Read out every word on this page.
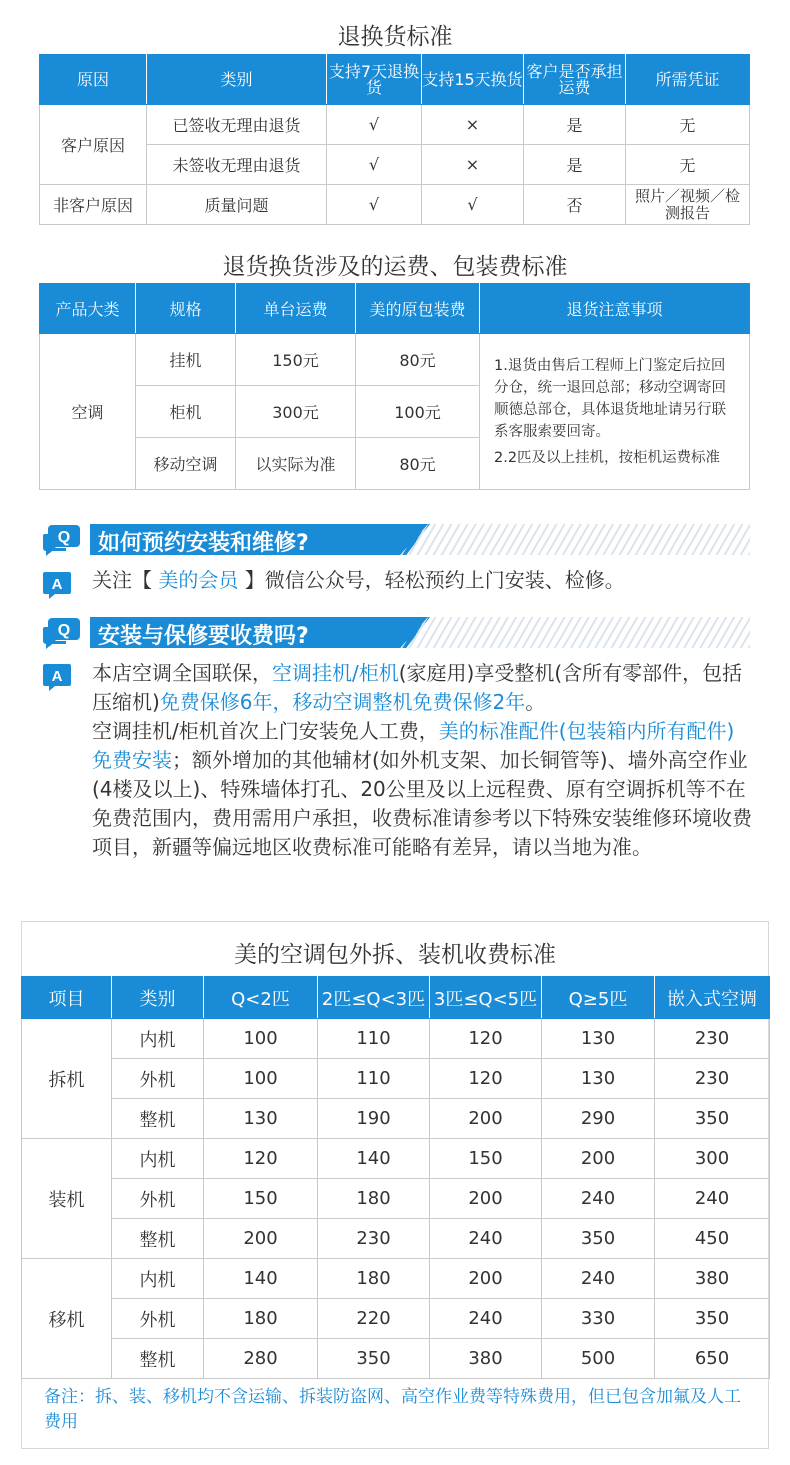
退换货标准
原因	类别	支持7天退换货	支持15天换货	客户是否承担运费	所需凭证
客户原因	已签收无理由退货	√	×	是	无
	未签收无理由退货	√	×	是	无
非客户原因	质量问题	√	√	否	照片／视频／检测报告
退货换货涉及的运费、包装费标准
产品大类	规格	单台运费	美的原包装费	退货注意事项
空调	挂机	150元	80元	1.退货由售后工程师上门鉴定后拉回分仓，统一退回总部；移动空调寄回顺德总部仓，具体退货地址请另行联系客服索要回寄。

2.2匹及以上挂机，按柜机运费标准

	柜机	300元	100元	
	移动空调	以实际为准	80元	
Q 如何预约安装和维修?
A 关注【 美的会员 】微信公众号，轻松预约上门安装、检修。
Q 安装与保修要收费吗?
A 本店空调全国联保，空调挂机/柜机(家庭用)享受整机(含所有零部件，包括压缩机)免费保修6年，移动空调整机免费保修2年。
空调挂机/柜机首次上门安装免人工费，美的标准配件(包装箱内所有配件)免费安装；额外增加的其他辅材(如外机支架、加长铜管等)、墙外高空作业(4楼及以上)、特殊墙体打孔、20公里及以上远程费、原有空调拆机等不在免费范围内，费用需用户承担，收费标准请参考以下特殊安装维修环境收费项目，新疆等偏远地区收费标准可能略有差异，请以当地为准。
美的空调包外拆、装机收费标准
项目	类别	Q<2匹	2匹≤Q<3匹	3匹≤Q<5匹	Q≥5匹	嵌入式空调
拆机	内机	100	110	120	130	230
	外机	100	110	120	130	230
	整机	130	190	200	290	350
装机	内机	120	140	150	200	300
	外机	150	180	200	240	240
	整机	200	230	240	350	450
移机	内机	140	180	200	240	380
	外机	180	220	240	330	350
	整机	280	350	380	500	650
备注：拆、装、移机均不含运输、拆装防盗网、高空作业费等特殊费用，但已包含加氟及人工费用
